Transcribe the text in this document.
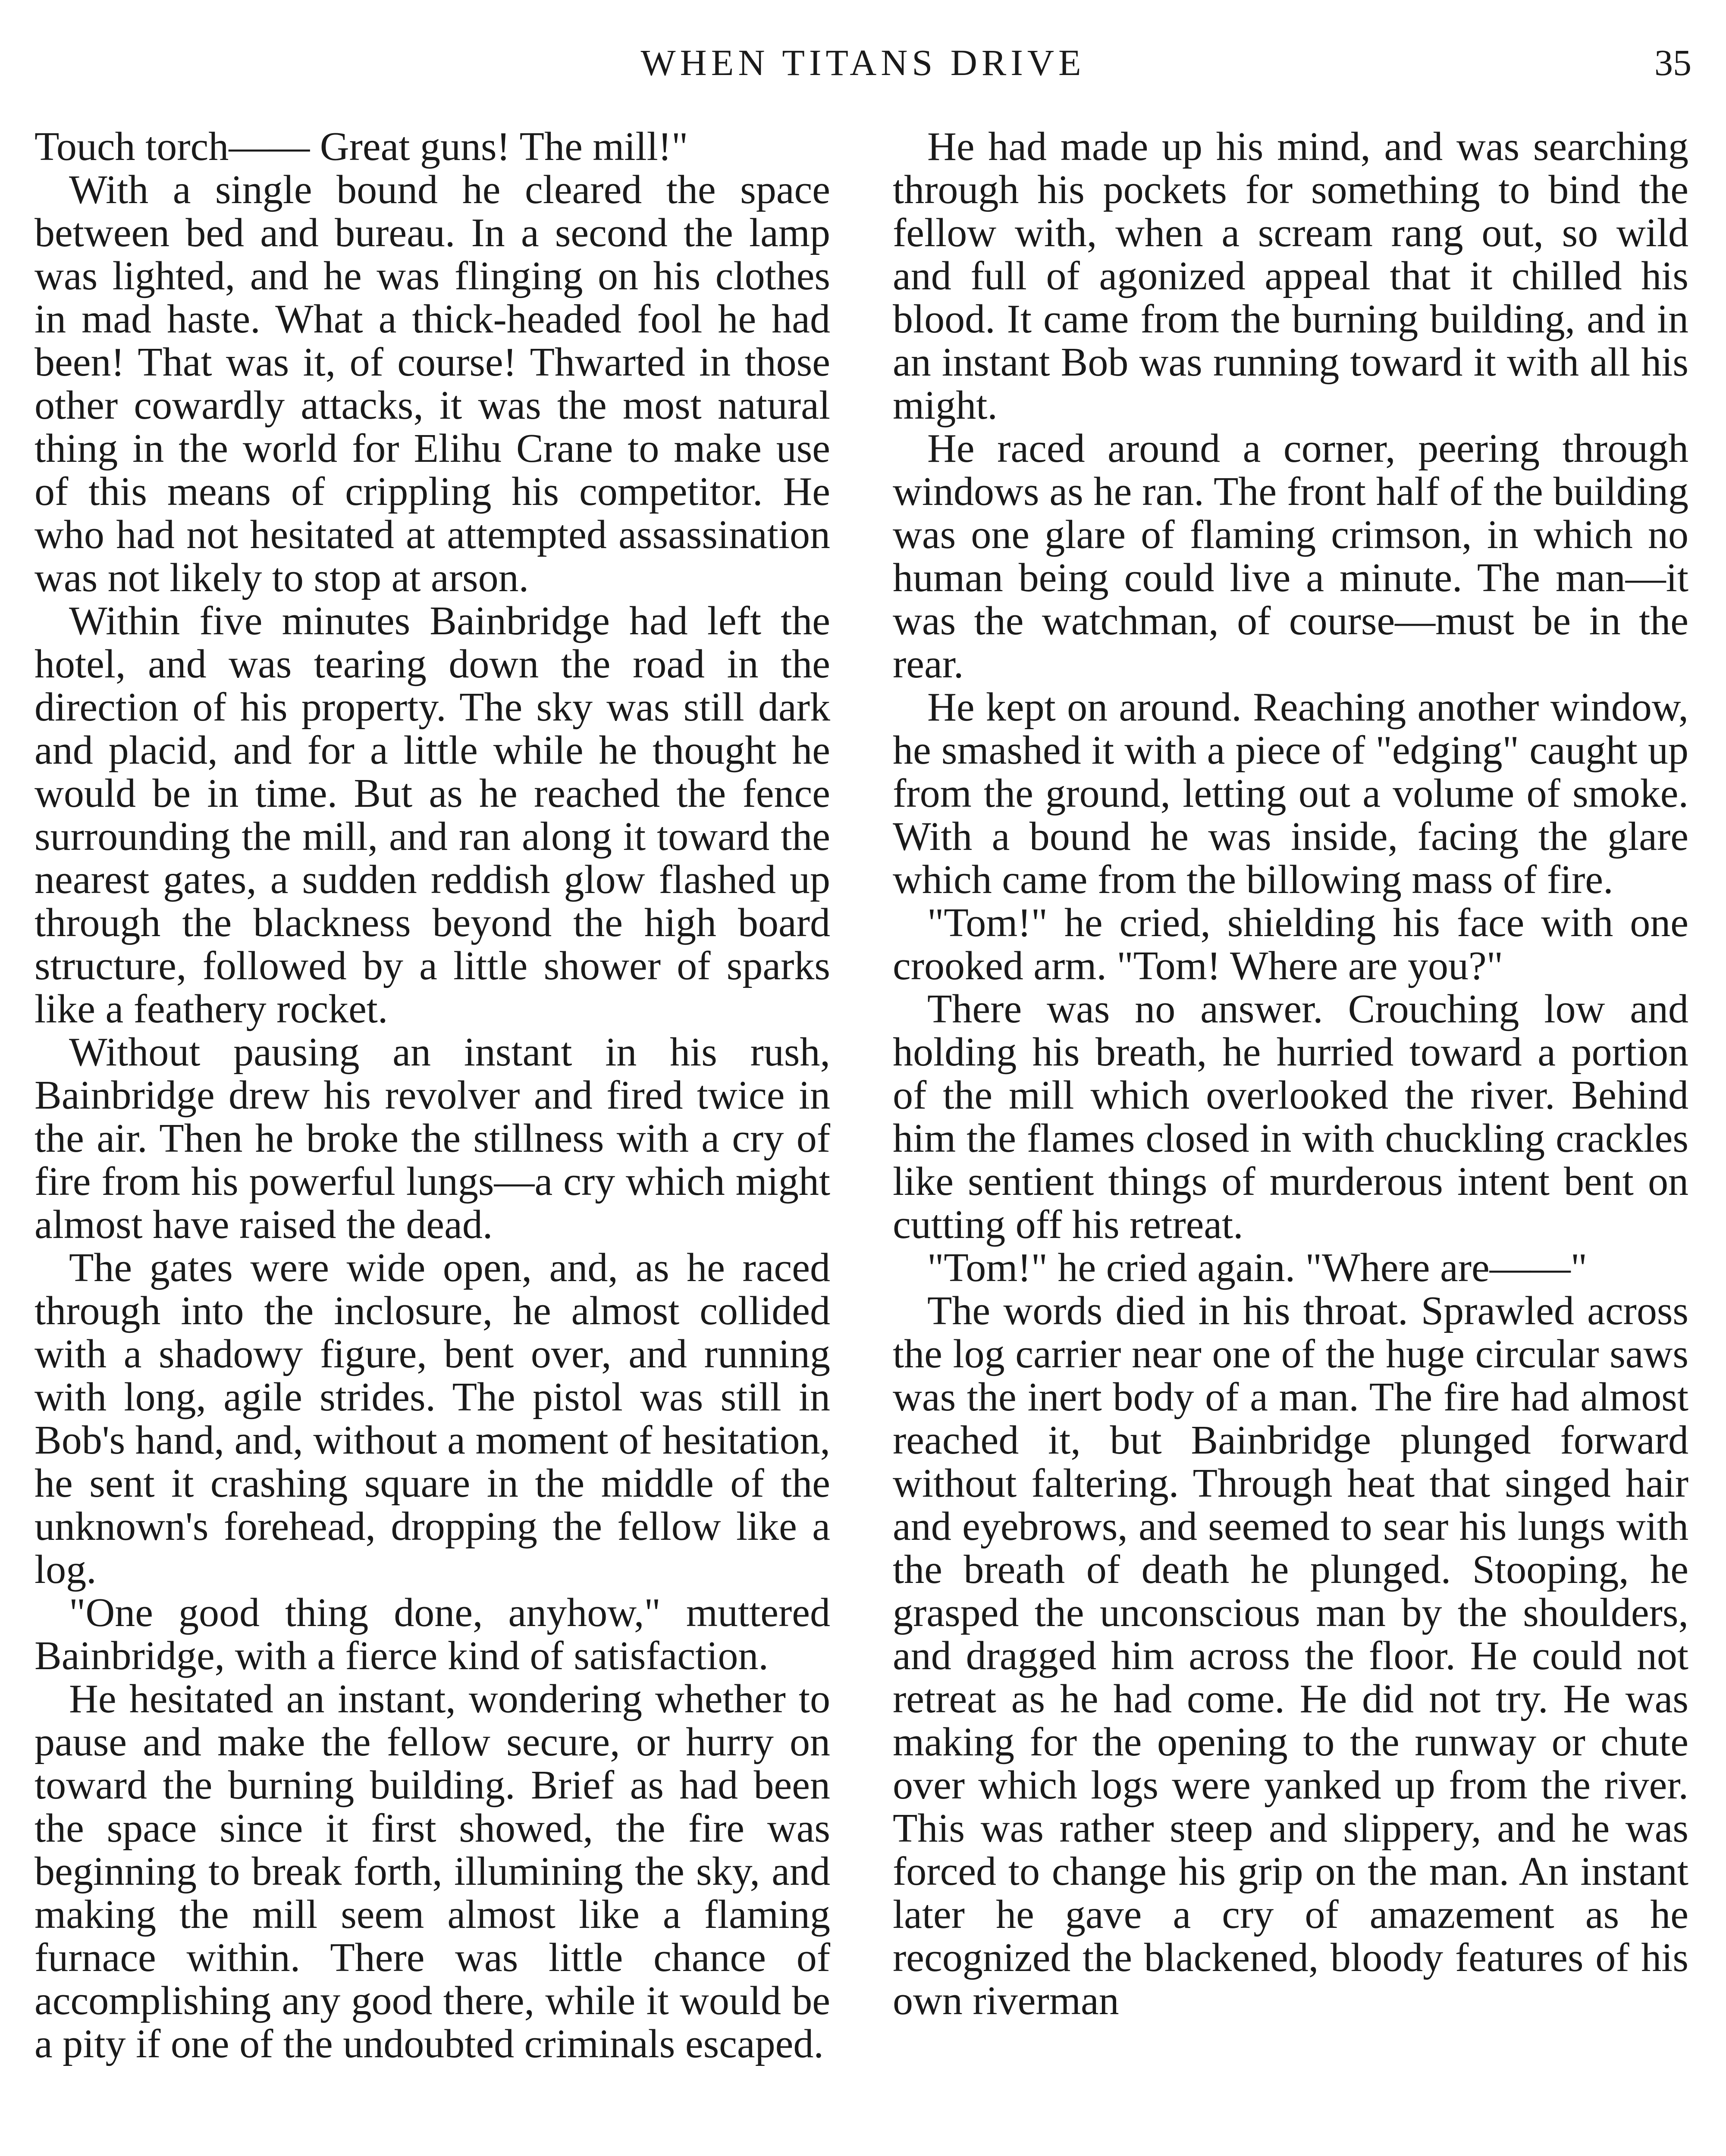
WHEN TITANS DRIVE	35

Touch torch—— Great guns! The mill!"

With a single bound he cleared the space between bed and bureau. In a second the lamp was lighted, and he was flinging on his clothes in mad haste. What a thick-headed fool he had been! That was it, of course! Thwarted in those other cowardly attacks, it was the most natural thing in the world for Elihu Crane to make use of this means of crippling his competitor. He who had not hesitated at attempted assassination was not likely to stop at arson.

Within five minutes Bainbridge had left the hotel, and was tearing down the road in the direction of his property. The sky was still dark and placid, and for a little while he thought he would be in time. But as he reached the fence surrounding the mill, and ran along it toward the nearest gates, a sudden reddish glow flashed up through the blackness beyond the high board structure, followed by a little shower of sparks like a feathery rocket.

Without pausing an instant in his rush, Bainbridge drew his revolver and fired twice in the air. Then he broke the stillness with a cry of fire from his powerful lungs—a cry which might almost have raised the dead.

The gates were wide open, and, as he raced through into the inclosure, he almost collided with a shadowy figure, bent over, and running with long, agile strides. The pistol was still in Bob's hand, and, without a moment of hesitation, he sent it crashing square in the middle of the unknown's forehead, dropping the fellow like a log.

"One good thing done, anyhow," muttered Bainbridge, with a fierce kind of satisfaction.

He hesitated an instant, wondering whether to pause and make the fellow secure, or hurry on toward the burning building. Brief as had been the space since it first showed, the fire was beginning to break forth, illumining the sky, and making the mill seem almost like a flaming furnace within. There was little chance of accomplishing any good there, while it would be a pity if one of the undoubted criminals escaped.

He had made up his mind, and was searching through his pockets for something to bind the fellow with, when a scream rang out, so wild and full of agonized appeal that it chilled his blood. It came from the burning building, and in an instant Bob was running toward it with all his might.

He raced around a corner, peering through windows as he ran. The front half of the building was one glare of flaming crimson, in which no human being could live a minute. The man—it was the watchman, of course—must be in the rear.

He kept on around. Reaching another window, he smashed it with a piece of "edging" caught up from the ground, letting out a volume of smoke. With a bound he was inside, facing the glare which came from the billowing mass of fire.

"Tom!" he cried, shielding his face with one crooked arm. "Tom! Where are you?"

There was no answer. Crouching low and holding his breath, he hurried toward a portion of the mill which overlooked the river. Behind him the flames closed in with chuckling crackles like sentient things of murderous intent bent on cutting off his retreat.

"Tom!" he cried again. "Where are——"

The words died in his throat. Sprawled across the log carrier near one of the huge circular saws was the inert body of a man. The fire had almost reached it, but Bainbridge plunged forward without faltering. Through heat that singed hair and eyebrows, and seemed to sear his lungs with the breath of death he plunged. Stooping, he grasped the unconscious man by the shoulders, and dragged him across the floor. He could not retreat as he had come. He did not try. He was making for the opening to the runway or chute over which logs were yanked up from the river. This was rather steep and slippery, and he was forced to change his grip on the man. An instant later he gave a cry of amazement as he recognized the blackened, bloody features of his own riverman
